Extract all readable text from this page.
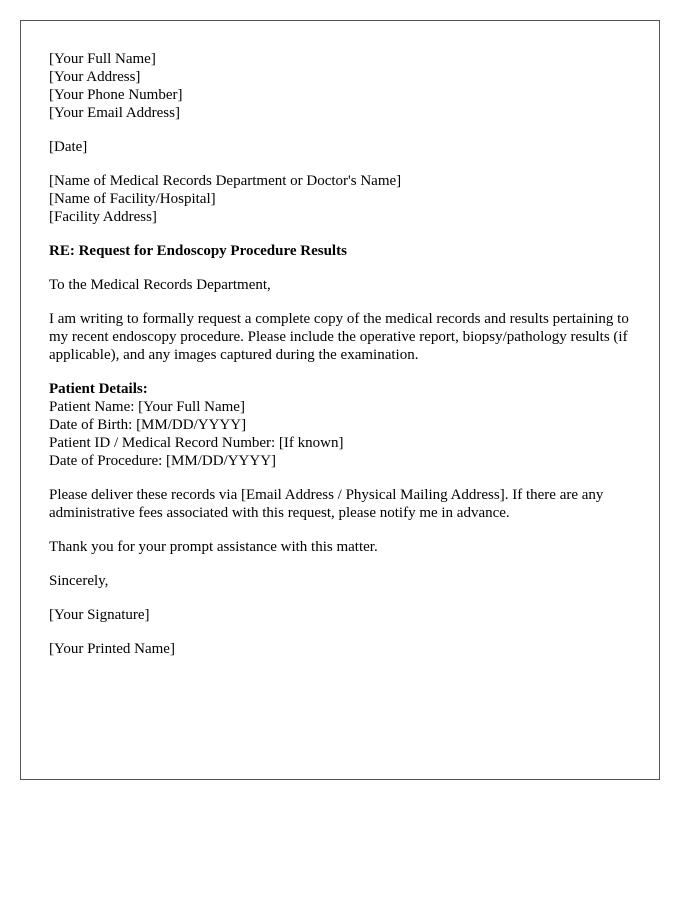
[Your Full Name]
[Your Address]
[Your Phone Number]
[Your Email Address]
[Date]
[Name of Medical Records Department or Doctor's Name]
[Name of Facility/Hospital]
[Facility Address]
RE: Request for Endoscopy Procedure Results
To the Medical Records Department,
I am writing to formally request a complete copy of the medical records and results pertaining to my recent endoscopy procedure. Please include the operative report, biopsy/pathology results (if applicable), and any images captured during the examination.
Patient Details:
Patient Name: [Your Full Name]
Date of Birth: [MM/DD/YYYY]
Patient ID / Medical Record Number: [If known]
Date of Procedure: [MM/DD/YYYY]
Please deliver these records via [Email Address / Physical Mailing Address]. If there are any administrative fees associated with this request, please notify me in advance.
Thank you for your prompt assistance with this matter.
Sincerely,
[Your Signature]
[Your Printed Name]
